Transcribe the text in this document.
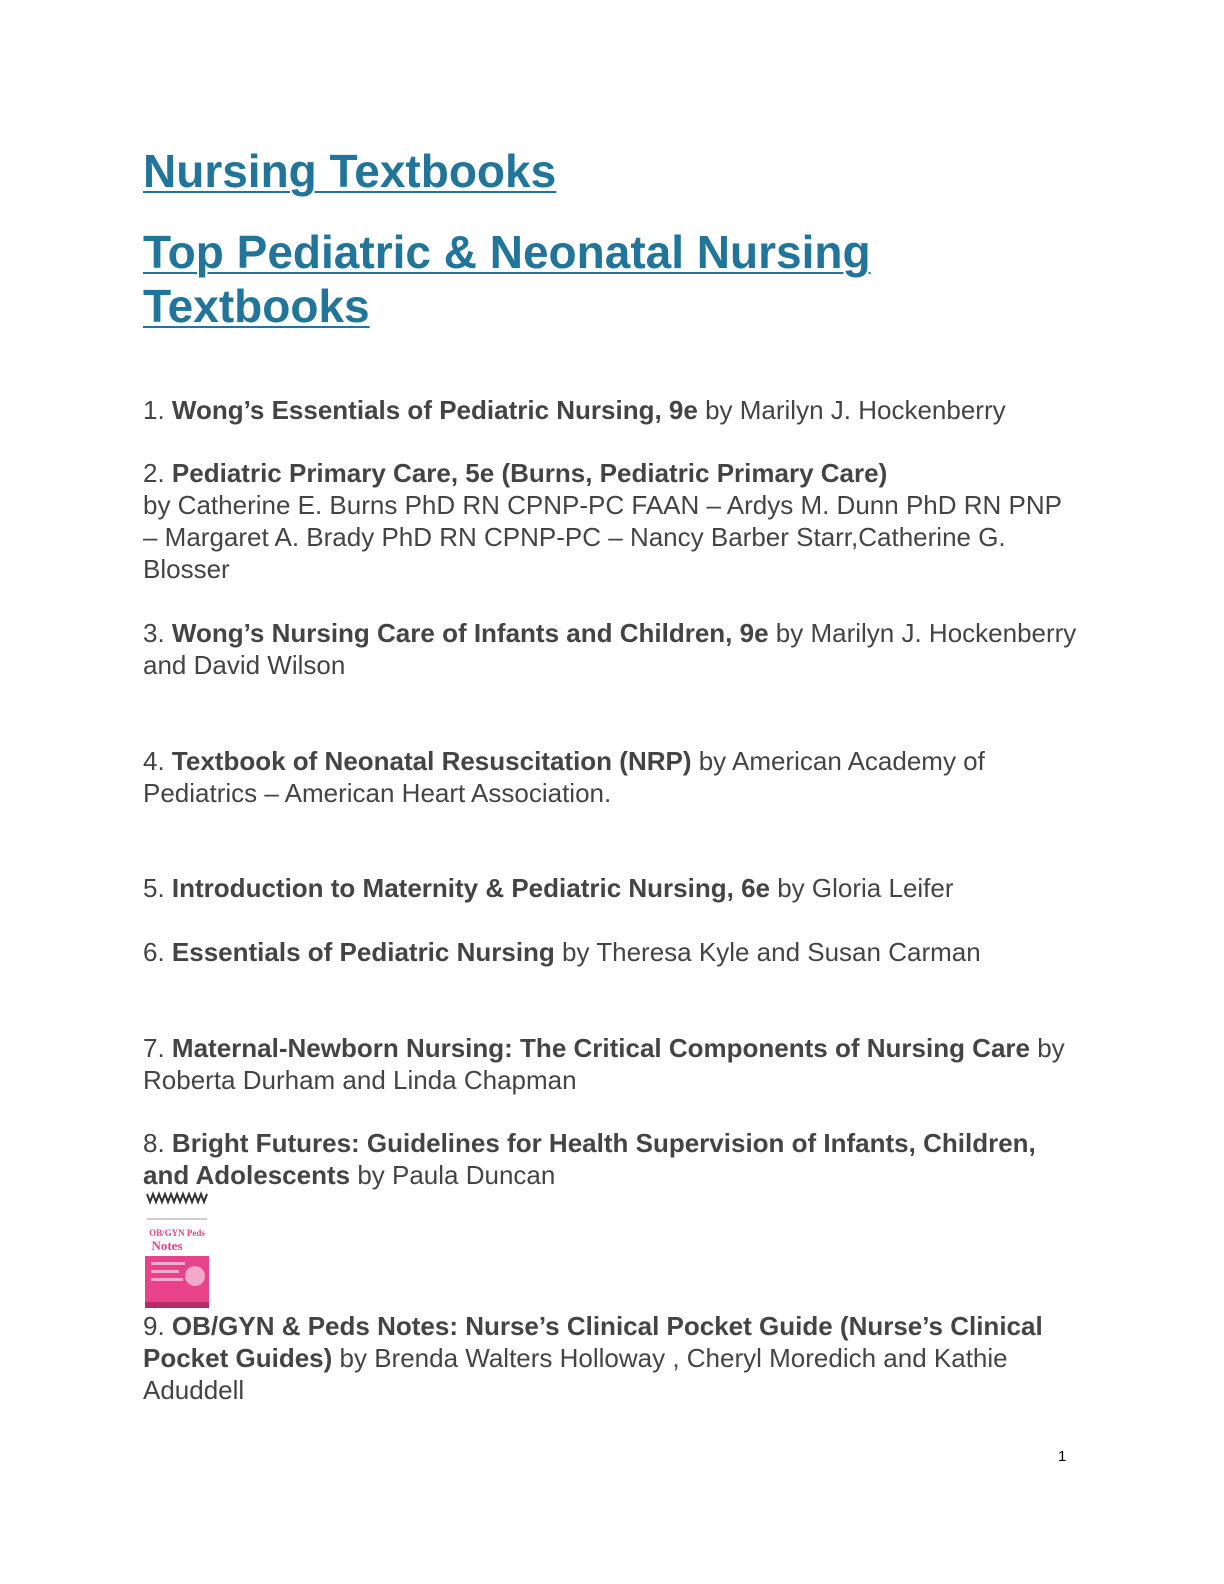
Nursing Textbooks
Top Pediatric & Neonatal Nursing Textbooks

1. Wong’s Essentials of Pediatric Nursing, 9e by Marilyn J. Hockenberry

2. Pediatric Primary Care, 5e (Burns, Pediatric Primary Care)
by Catherine E. Burns PhD RN CPNP-PC FAAN – Ardys M. Dunn PhD RN PNP – Margaret A. Brady PhD RN CPNP-PC – Nancy Barber Starr,Catherine G. Blosser

3. Wong’s Nursing Care of Infants and Children, 9e by Marilyn J. Hockenberry and David Wilson

4. Textbook of Neonatal Resuscitation (NRP) by American Academy of Pediatrics – American Heart Association.

5. Introduction to Maternity & Pediatric Nursing, 6e by Gloria Leifer

6. Essentials of Pediatric Nursing by Theresa Kyle and Susan Carman

7. Maternal-Newborn Nursing: The Critical Components of Nursing Care by Roberta Durham and Linda Chapman

8. Bright Futures: Guidelines for Health Supervision of Infants, Children, and Adolescents by Paula Duncan

OB/GYN Peds
Notes

9. OB/GYN & Peds Notes: Nurse’s Clinical Pocket Guide (Nurse’s Clinical Pocket Guides) by Brenda Walters Holloway , Cheryl Moredich and Kathie Aduddell

1
